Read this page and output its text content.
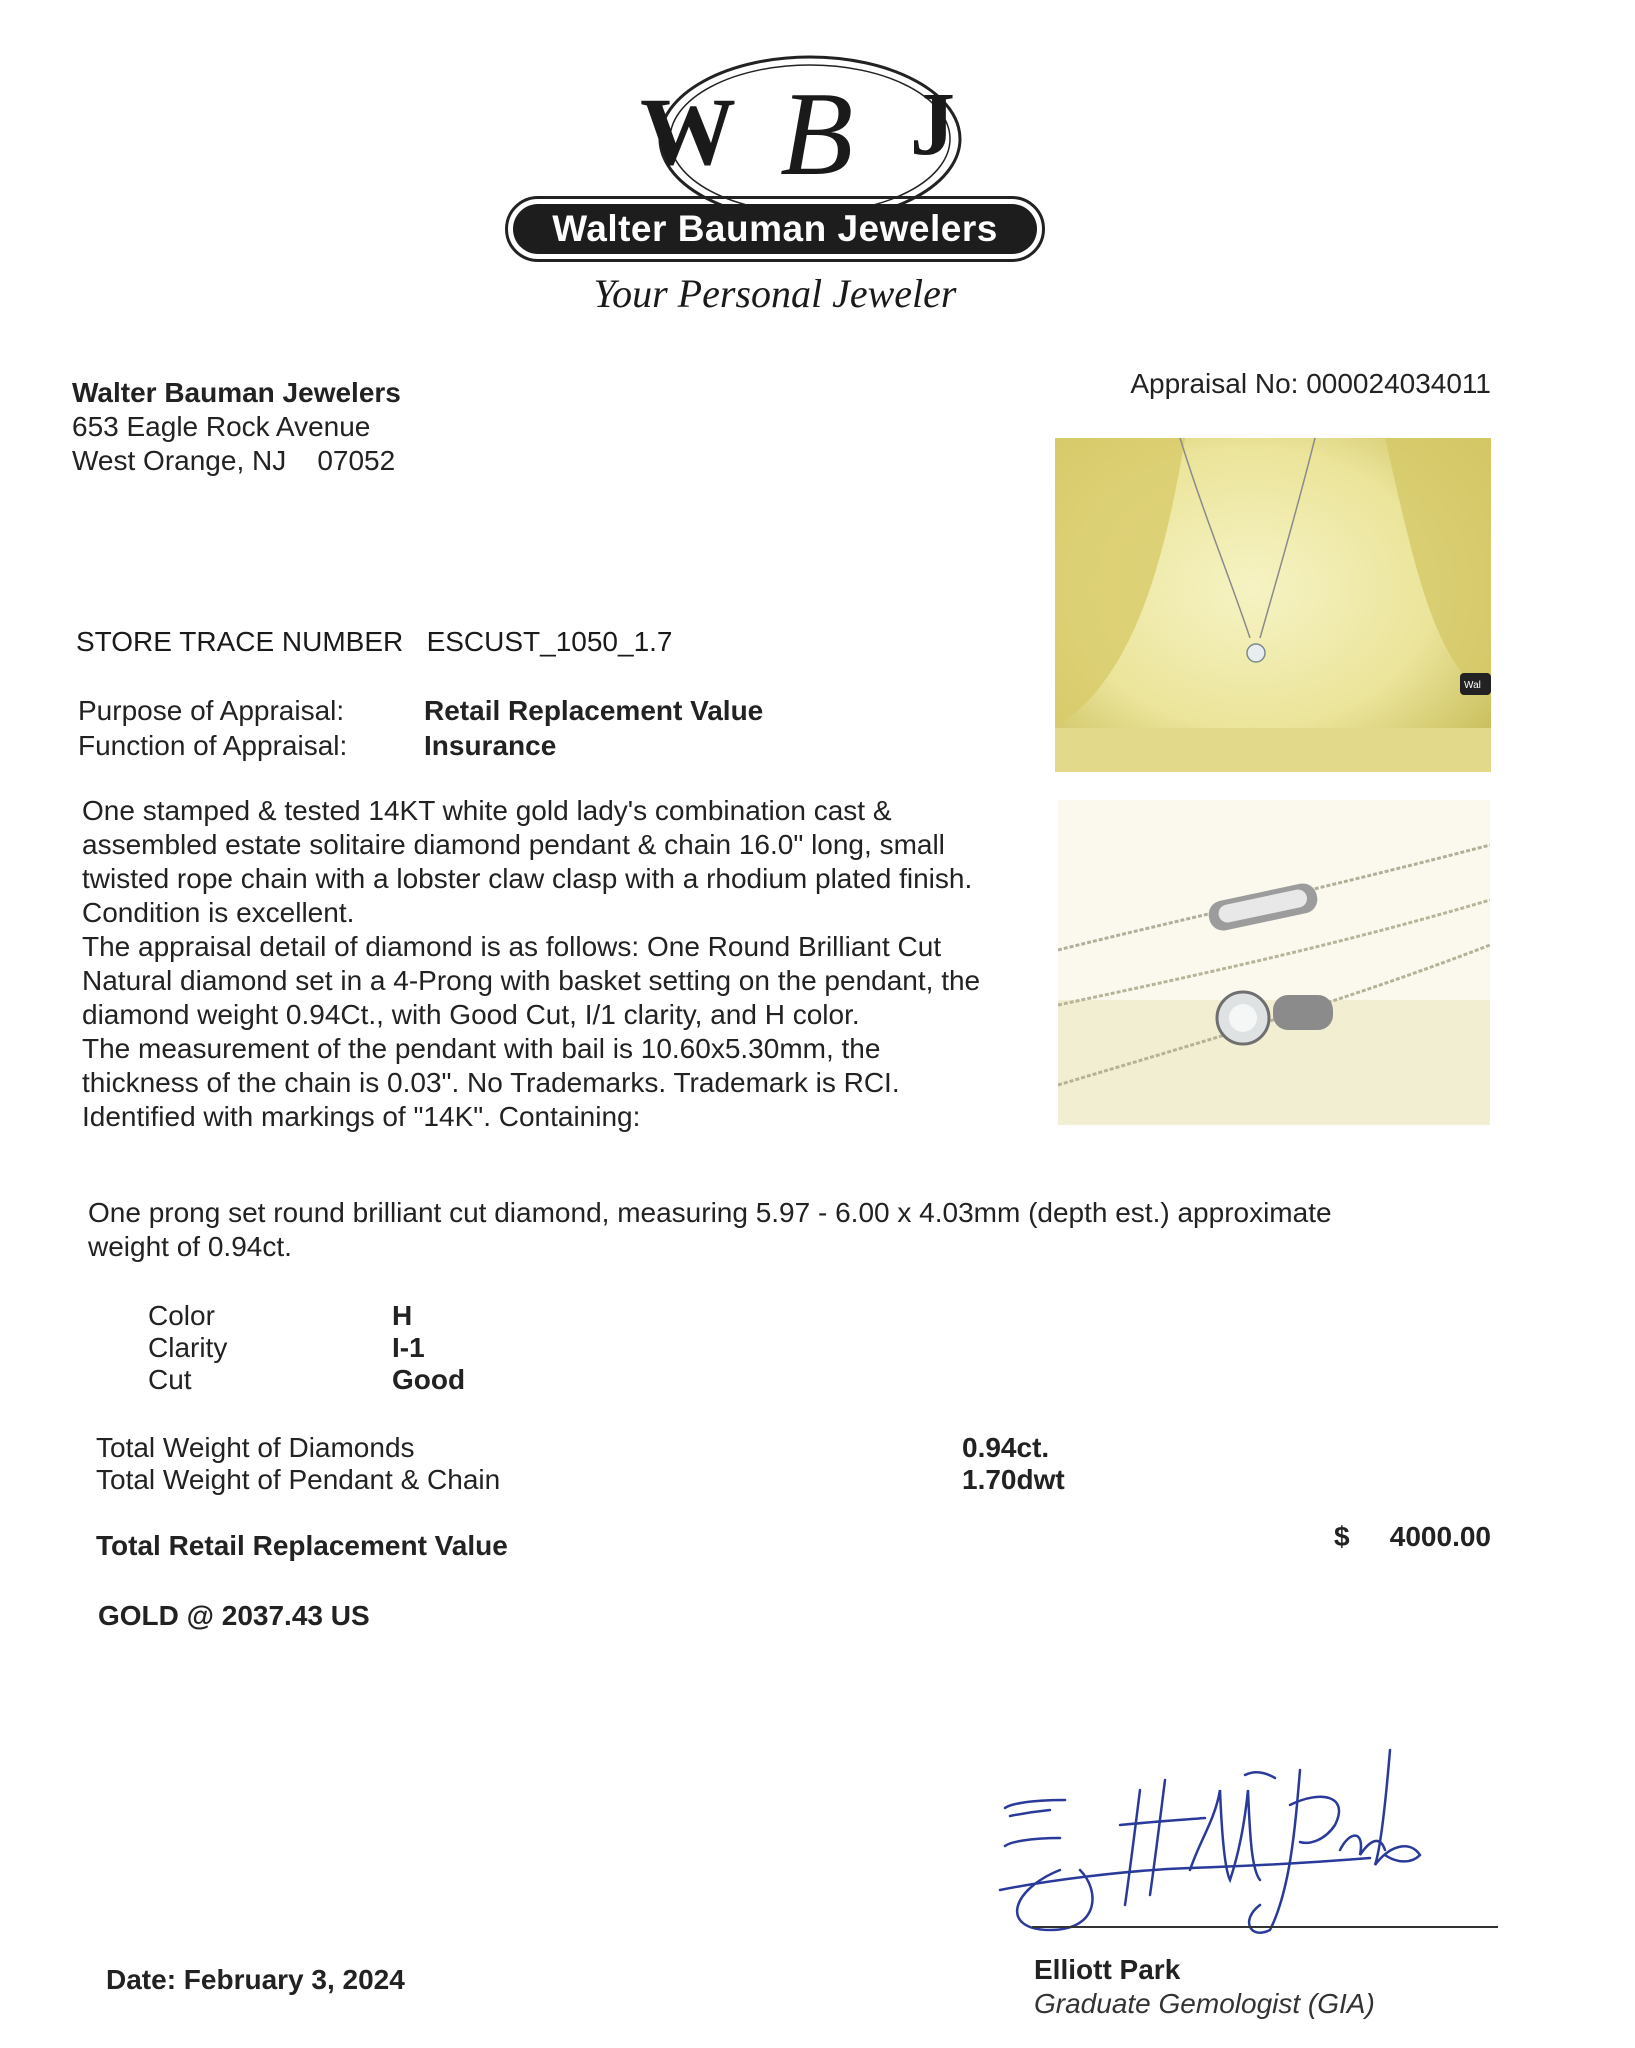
W B J
Walter Bauman Jewelers
Your Personal Jeweler
Walter Bauman Jewelers
653 Eagle Rock Avenue
West Orange, NJ    07052
Appraisal No: 000024034011
Wal
STORE TRACE NUMBER   ESCUST_1050_1.7
Purpose of Appraisal:	Retail Replacement Value
Function of Appraisal:	Insurance

One stamped & tested 14KT white gold lady's combination cast & assembled estate solitaire diamond pendant & chain 16.0" long, small twisted rope chain with a lobster claw clasp with a rhodium plated finish. Condition is excellent.

The appraisal detail of diamond is as follows: One Round Brilliant Cut Natural diamond set in a 4-Prong with basket setting on the pendant, the diamond weight 0.94Ct., with Good Cut, I/1 clarity, and H color.

The measurement of the pendant with bail is 10.60x5.30mm, the thickness of the chain is 0.03". No Trademarks. Trademark is RCI. Identified with markings of "14K". Containing:

One prong set round brilliant cut diamond, measuring 5.97 - 6.00 x 4.03mm (depth est.) approximate weight of 0.94ct.
Color	H
Clarity	I-1
Cut	Good
Total Weight of Diamonds	0.94ct.
Total Weight of Pendant & Chain	1.70dwt
Total Retail Replacement Value	$ 4000.00
GOLD @ 2037.43 US
Elliott Park
Elliott Park
Graduate Gemologist (GIA)
Date: February 3, 2024
